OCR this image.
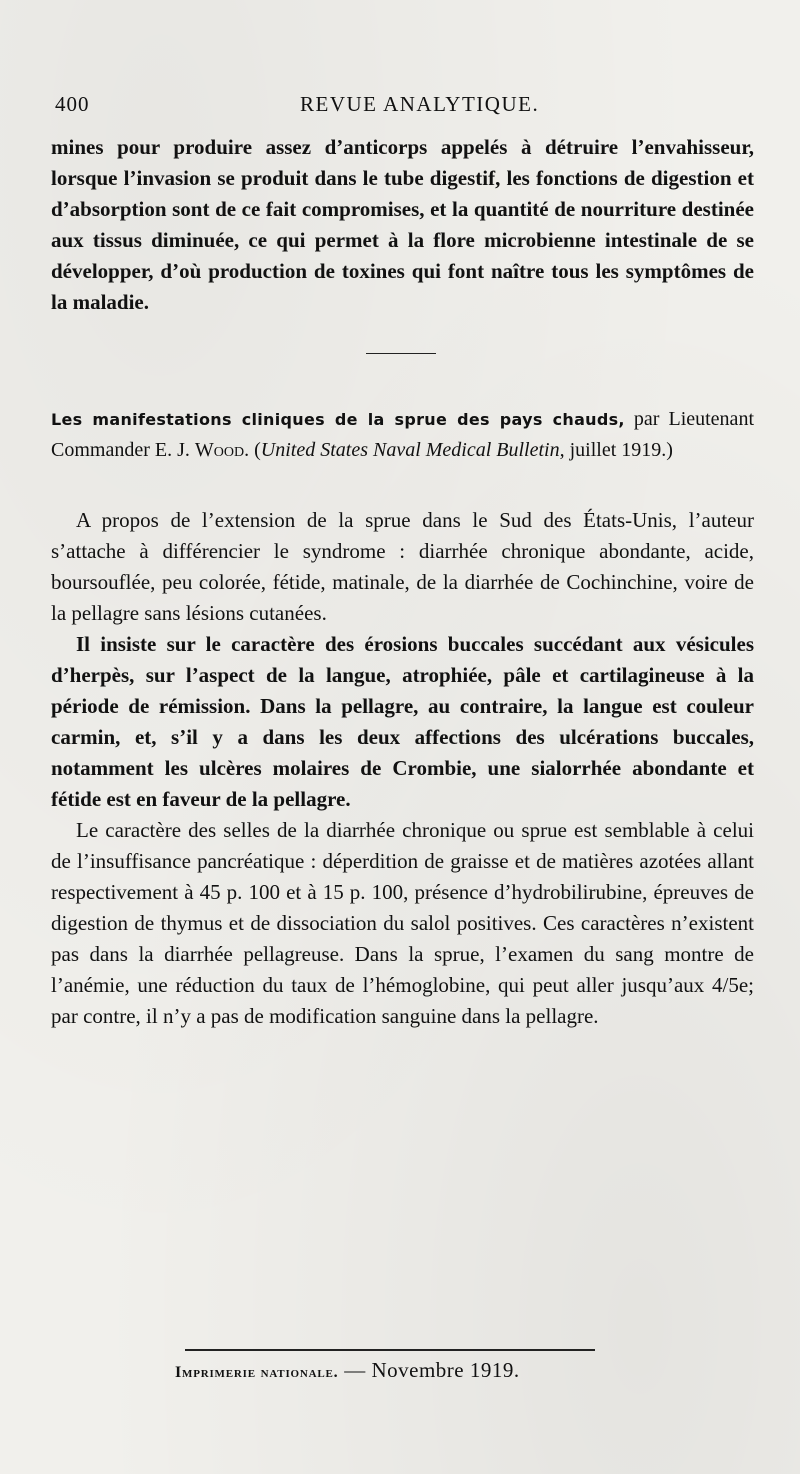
400	REVUE ANALYTIQUE.

mines pour produire assez d’anticorps appelés à détruire l’envahisseur, lorsque l’invasion se produit dans le tube digestif, les fonctions de digestion et d’absorption sont de ce fait compromises, et la quantité de nourriture destinée aux tissus diminuée, ce qui permet à la flore microbienne intestinale de se développer, d’où production de toxines qui font naître tous les symptômes de la maladie.

Les manifestations cliniques de la sprue des pays chauds, par Lieutenant Commander E. J. Wood. (United States Naval Medical Bulletin, juillet 1919.)

A propos de l’extension de la sprue dans le Sud des États-Unis, l’auteur s’attache à différencier le syndrome : diarrhée chronique abondante, acide, boursouflée, peu colorée, fétide, matinale, de la diarrhée de Cochinchine, voire de la pellagre sans lésions cutanées.

Il insiste sur le caractère des érosions buccales succédant aux vésicules d’herpès, sur l’aspect de la langue, atrophiée, pâle et cartilagineuse à la période de rémission. Dans la pellagre, au contraire, la langue est couleur carmin, et, s’il y a dans les deux affections des ulcérations buccales, notamment les ulcères molaires de Crombie, une sialorrhée abondante et fétide est en faveur de la pellagre.

Le caractère des selles de la diarrhée chronique ou sprue est semblable à celui de l’insuffisance pancréatique : déperdition de graisse et de matières azotées allant respectivement à 45 p. 100 et à 15 p. 100, présence d’hydrobilirubine, épreuves de digestion de thymus et de dissociation du salol positives. Ces caractères n’existent pas dans la diarrhée pellagreuse. Dans la sprue, l’examen du sang montre de l’anémie, une réduction du taux de l’hémoglobine, qui peut aller jusqu’aux 4/5e; par contre, il n’y a pas de modification sanguine dans la pellagre.

Imprimerie nationale. — Novembre 1919.
